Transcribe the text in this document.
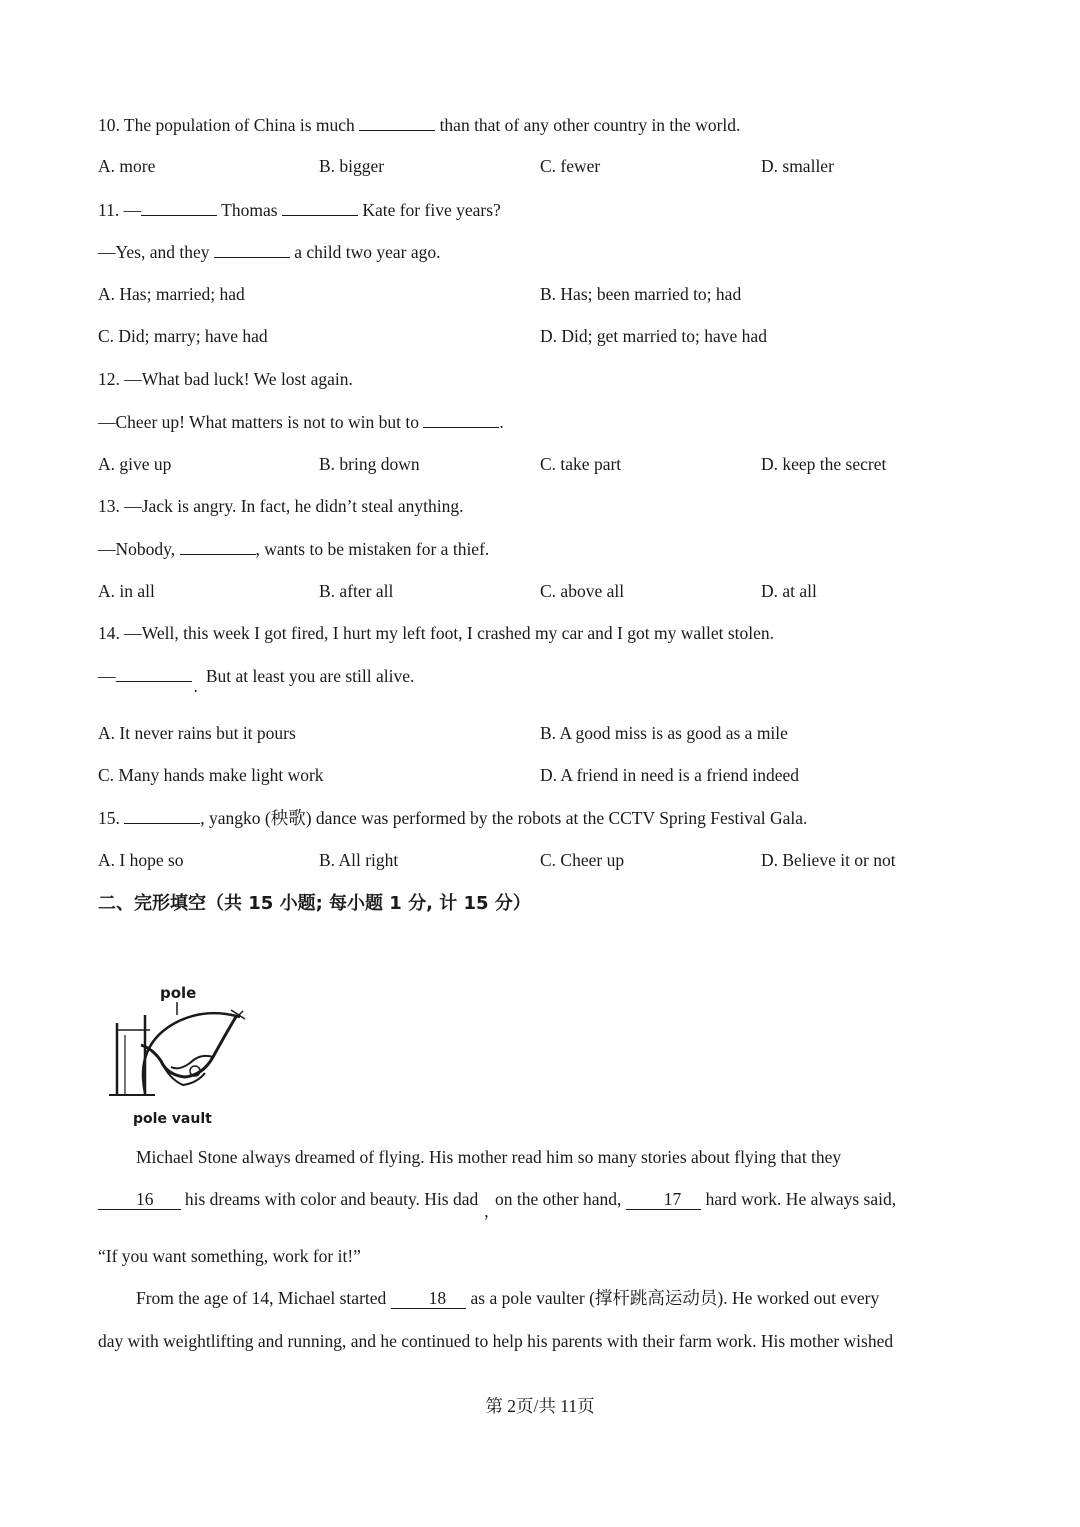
10. The population of China is much	than that of any other country in the world.
A. more	B. bigger	C. fewer	D. smaller
11. —	Thomas	Kate for five years?
—Yes, and they	a child two year ago.
A. Has; married; had	B. Has; been married to; had
C. Did; marry; have had	D. Did; get married to; have had
12. —What bad luck! We lost again.
—Cheer up! What matters is not to win but to	.
A. give up	B. bring down	C. take part	D. keep the secret
13. —Jack is angry. In fact, he didn’t steal anything.
—Nobody,	, wants to be mistaken for a thief.
A. in all	B. after all	C. above all	D. at all
14. —Well, this week I got fired, I hurt my left foot, I crashed my car and I got my wallet stolen.
—	. But at least you are still alive.
A. It never rains but it pours	B. A good miss is as good as a mile
C. Many hands make light work	D. A friend in need is a friend indeed
15.	, yangko (秧歌) dance was performed by the robots at the CCTV Spring Festival Gala.
A. I hope so	B. All right	C. Cheer up	D. Believe it or not
二、完形填空（共 15 小题; 每小题 1 分, 计 15 分）
pole
pole vault
Michael Stone always dreamed of flying. His mother read him so many stories about flying that they
16 his dreams with color and beauty. His dad, on the other hand, 17 hard work. He always said,
“If you want something, work for it!”
From the age of 14, Michael started 18 as a pole vaulter (撑杆跳高运动员). He worked out every
day with weightlifting and running, and he continued to help his parents with their farm work. His mother wished
第 2页/共 11页
